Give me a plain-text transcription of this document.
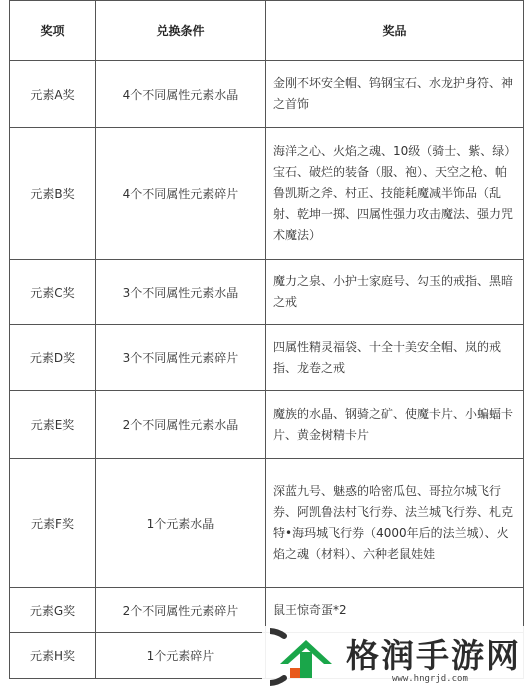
奖项	兑换条件	奖品
元素A奖	4个不同属性元素水晶	金刚不坏安全帽、钨钢宝石、水龙护身符、神之首饰
元素B奖	4个不同属性元素碎片	海洋之心、火焰之魂、10级（骑士、紫、绿）宝石、破烂的装备（服、袍）、天空之枪、帕鲁凯斯之斧、村正、技能耗魔减半饰品（乱射、乾坤一掷、四属性强力攻击魔法、强力咒术魔法）
元素C奖	3个不同属性元素水晶	魔力之泉、小护士家庭号、勾玉的戒指、黑暗之戒
元素D奖	3个不同属性元素碎片	四属性精灵福袋、十全十美安全帽、岚的戒指、龙卷之戒
元素E奖	2个不同属性元素水晶	魔族的水晶、钢骑之矿、使魔卡片、小蝙蝠卡片、黄金树精卡片
元素F奖	1个元素水晶	深蓝九号、魅惑的哈密瓜包、哥拉尔城飞行券、阿凯鲁法村飞行券、法兰城飞行券、札克特•海玛城飞行券（4000年后的法兰城）、火焰之魂（材料）、六种老鼠娃娃
元素G奖	2个不同属性元素碎片	鼠王惊奇蛋*2
元素H奖	1个元素碎片		格润手游网
www.hngrjd.com
